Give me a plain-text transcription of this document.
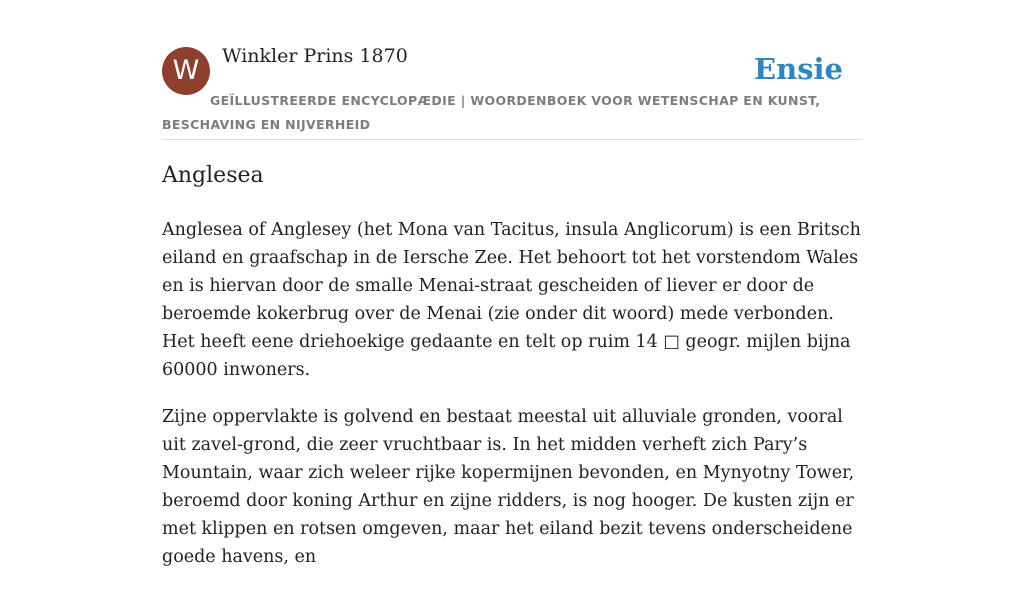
W	Winkler Prins 1870	Ensie
GEÏLLUSTREERDE ENCYCLOPÆDIE | WOORDENBOEK VOOR WETENSCHAP EN KUNST, BESCHAVING EN NIJVERHEID
Anglesea

Anglesea of Anglesey (het Mona van Tacitus, insula Anglicorum) is een Britsch eiland en graafschap in de Iersche Zee. Het behoort tot het vorstendom Wales en is hiervan door de smalle Menai-straat gescheiden of liever er door de beroemde kokerbrug over de Menai (zie onder dit woord) mede verbonden. Het heeft eene driehoekige gedaante en telt op ruim 14 □ geogr. mijlen bijna 60000 inwoners.

Zijne oppervlakte is golvend en bestaat meestal uit alluviale gronden, vooral uit zavel-grond, die zeer vruchtbaar is. In het midden verheft zich Pary’s Mountain, waar zich weleer rijke kopermijnen bevonden, en Mynyotny Tower, beroemd door koning Arthur en zijne ridders, is nog hooger. De kusten zijn er met klippen en rotsen omgeven, maar het eiland bezit tevens onderscheidene goede havens, en
